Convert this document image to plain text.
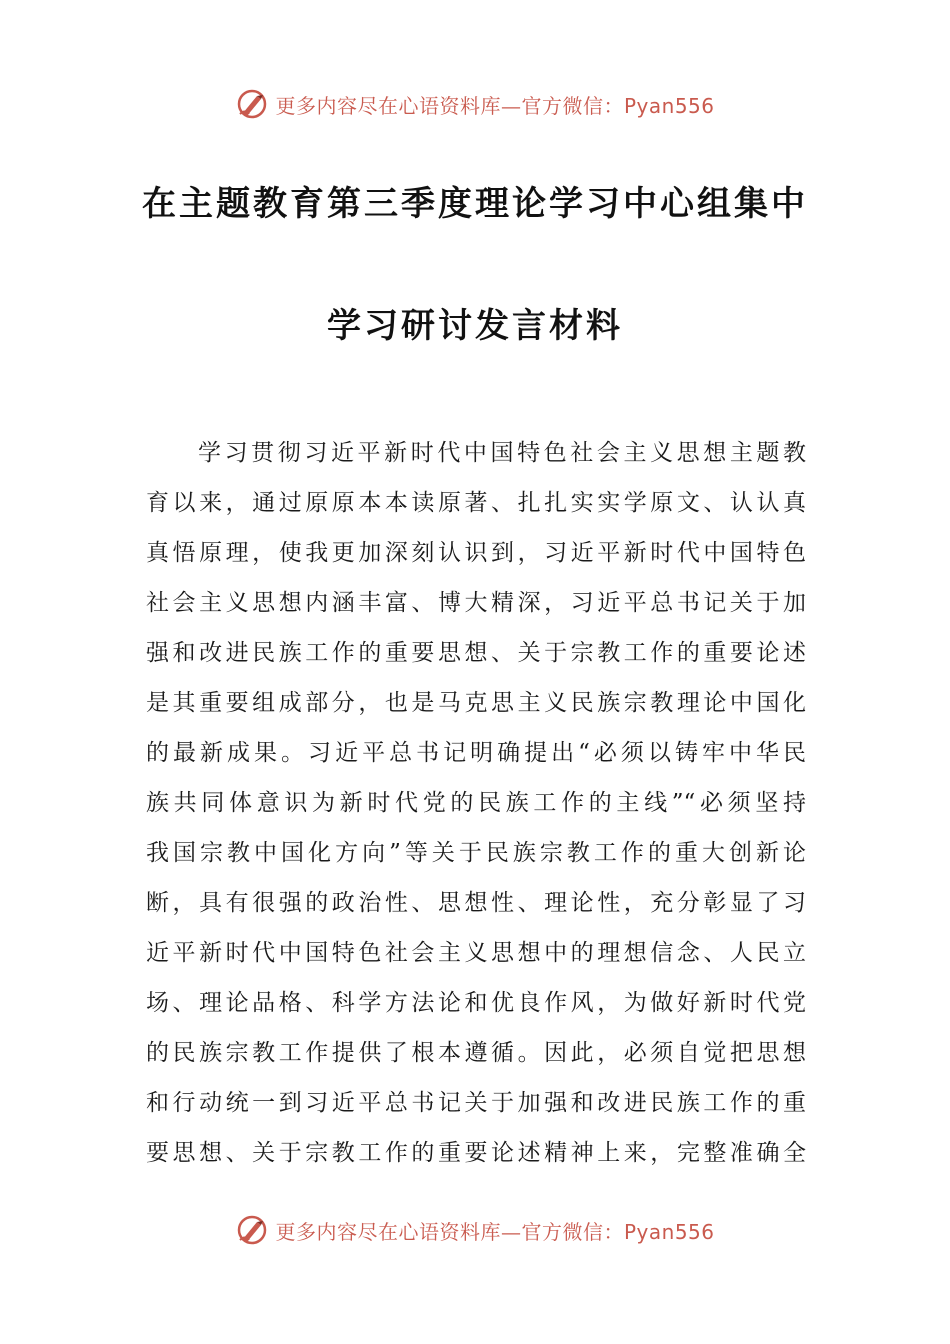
更多内容尽在心语资料库—官方微信：Pyan556
在主题教育第三季度理论学习中心组集中
学习研讨发言材料
学习贯彻习近平新时代中国特色社会主义思想主题教
育以来，通过原原本本读原著、扎扎实实学原文、认认真
真悟原理，使我更加深刻认识到，习近平新时代中国特色
社会主义思想内涵丰富、博大精深，习近平总书记关于加
强和改进民族工作的重要思想、关于宗教工作的重要论述
是其重要组成部分，也是马克思主义民族宗教理论中国化
的最新成果。习近平总书记明确提出“必须以铸牢中华民
族共同体意识为新时代党的民族工作的主线”“必须坚持
我国宗教中国化方向”等关于民族宗教工作的重大创新论
断，具有很强的政治性、思想性、理论性，充分彰显了习
近平新时代中国特色社会主义思想中的理想信念、人民立
场、理论品格、科学方法论和优良作风，为做好新时代党
的民族宗教工作提供了根本遵循。因此，必须自觉把思想
和行动统一到习近平总书记关于加强和改进民族工作的重
要思想、关于宗教工作的重要论述精神上来，完整准确全
更多内容尽在心语资料库—官方微信：Pyan556
